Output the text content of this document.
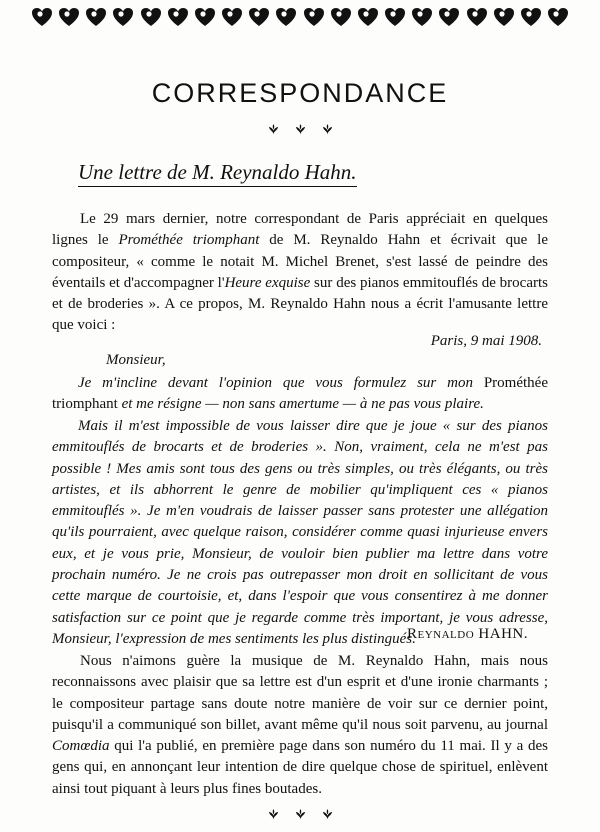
CORRESPONDANCE

Une lettre de M. Reynaldo Hahn.

Le 29 mars dernier, notre correspondant de Paris appréciait en quelques lignes le Prométhée triomphant de M. Reynaldo Hahn et écrivait que le compositeur, « comme le notait M. Michel Brenet, s'est lassé de peindre des éventails et d'accompagner l'Heure exquise sur des pianos emmitouflés de brocarts et de broderies ». A ce propos, M. Reynaldo Hahn nous a écrit l'amusante lettre que voici :

Paris, 9 mai 1908.

Monsieur,

Je m'incline devant l'opinion que vous formulez sur mon Prométhée triomphant et me résigne — non sans amertume — à ne pas vous plaire.

Mais il m'est impossible de vous laisser dire que je joue « sur des pianos emmitouflés de brocarts et de broderies ». Non, vraiment, cela ne m'est pas possible ! Mes amis sont tous des gens ou très simples, ou très élégants, ou très artistes, et ils abhorrent le genre de mobilier qu'impliquent ces « pianos emmitouflés ». Je m'en voudrais de laisser passer sans protester une allégation qu'ils pourraient, avec quelque raison, considérer comme quasi injurieuse envers eux, et je vous prie, Monsieur, de vouloir bien publier ma lettre dans votre prochain numéro. Je ne crois pas outrepasser mon droit en sollicitant de vous cette marque de courtoisie, et, dans l'espoir que vous consentirez à me donner satisfaction sur ce point que je regarde comme très important, je vous adresse, Monsieur, l'expression de mes sentiments les plus distingués.

Reynaldo HAHN.

Nous n'aimons guère la musique de M. Reynaldo Hahn, mais nous reconnaissons avec plaisir que sa lettre est d'un esprit et d'une ironie charmants ; le compositeur partage sans doute notre manière de voir sur ce dernier point, puisqu'il a communiqué son billet, avant même qu'il nous soit parvenu, au journal Comœdia qui l'a publié, en première page dans son numéro du 11 mai. Il y a des gens qui, en annonçant leur intention de dire quelque chose de spirituel, enlèvent ainsi tout piquant à leurs plus fines boutades.
